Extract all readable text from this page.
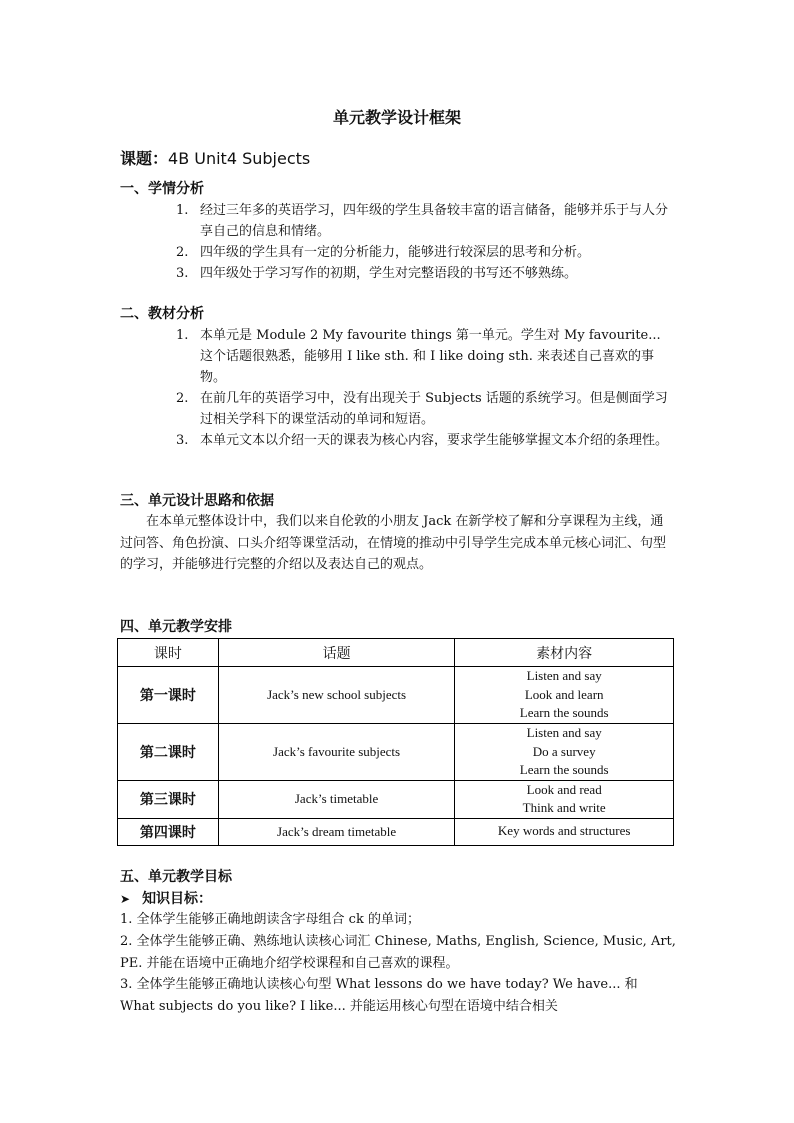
单元教学设计框架
课题：4B Unit4 Subjects
一、学情分析
1. 经过三年多的英语学习，四年级的学生具备较丰富的语言储备，能够并乐于与人分享自己的信息和情绪。
2. 四年级的学生具有一定的分析能力，能够进行较深层的思考和分析。
3. 四年级处于学习写作的初期，学生对完整语段的书写还不够熟练。
二、教材分析
1. 本单元是 Module 2 My favourite things 第一单元。学生对 My favourite... 这个话题很熟悉，能够用 I like sth. 和 I like doing sth. 来表述自己喜欢的事物。
2. 在前几年的英语学习中，没有出现关于 Subjects 话题的系统学习。但是侧面学习过相关学科下的课堂活动的单词和短语。
3. 本单元文本以介绍一天的课表为核心内容，要求学生能够掌握文本介绍的条理性。
三、单元设计思路和依据
在本单元整体设计中，我们以来自伦敦的小朋友 Jack 在新学校了解和分享课程为主线，通过问答、角色扮演、口头介绍等课堂活动，在情境的推动中引导学生完成本单元核心词汇、句型的学习，并能够进行完整的介绍以及表达自己的观点。
四、单元教学安排
课时	话题	素材内容
第一课时	Jack’s new school subjects	Listen and say
Look and learn
Learn the sounds

第二课时	Jack’s favourite subjects	Listen and say
Do a survey
Learn the sounds

第三课时	Jack’s timetable	Look and read
Think and write

第四课时	Jack’s dream timetable	Key words and structures
五、单元教学目标
➤ 知识目标：
1. 全体学生能够正确地朗读含字母组合 ck 的单词；
2. 全体学生能够正确、熟练地认读核心词汇 Chinese, Maths, English, Science, Music, Art, PE. 并能在语境中正确地介绍学校课程和自己喜欢的课程。
3. 全体学生能够正确地认读核心句型 What lessons do we have today? We have... 和 What subjects do you like? I like... 并能运用核心句型在语境中结合相关
